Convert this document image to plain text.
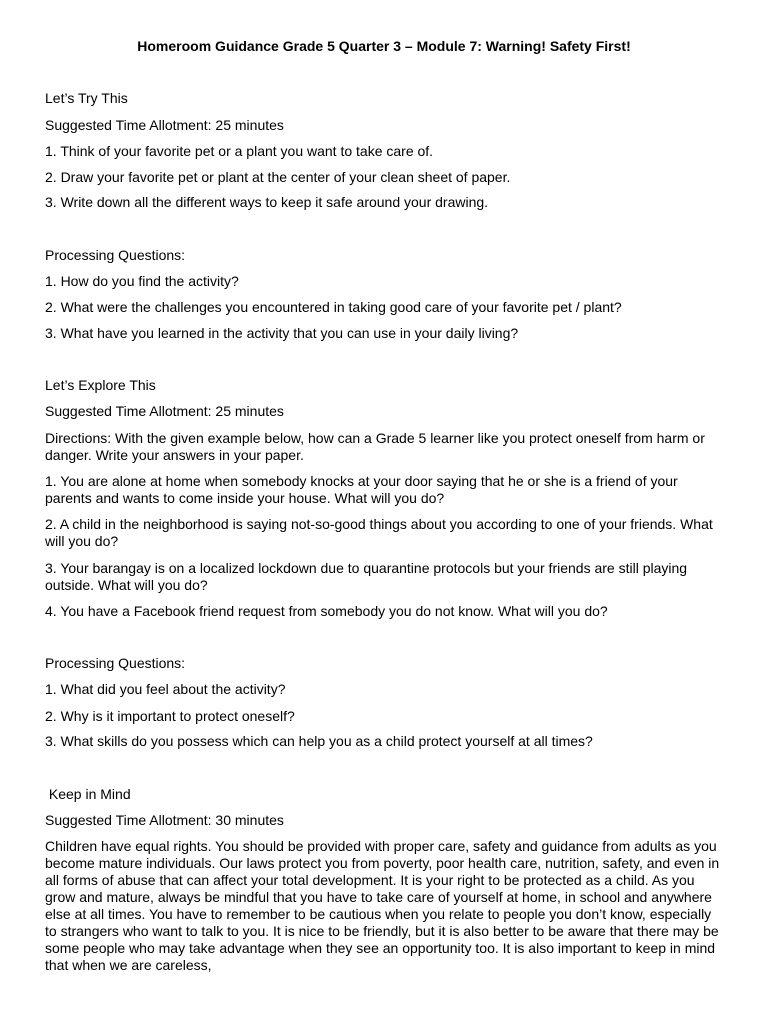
Homeroom Guidance Grade 5 Quarter 3 – Module 7: Warning! Safety First!

Let’s Try This

Suggested Time Allotment: 25 minutes

1. Think of your favorite pet or a plant you want to take care of.

2. Draw your favorite pet or plant at the center of your clean sheet of paper.

3. Write down all the different ways to keep it safe around your drawing.

Processing Questions:

1. How do you find the activity?

2. What were the challenges you encountered in taking good care of your favorite pet / plant?

3. What have you learned in the activity that you can use in your daily living?

Let’s Explore This

Suggested Time Allotment: 25 minutes

Directions: With the given example below, how can a Grade 5 learner like you protect oneself from harm or danger. Write your answers in your paper.

1. You are alone at home when somebody knocks at your door saying that he or she is a friend of your parents and wants to come inside your house. What will you do?

2. A child in the neighborhood is saying not-so-good things about you according to one of your friends. What will you do?

3. Your barangay is on a localized lockdown due to quarantine protocols but your friends are still playing outside. What will you do?

4. You have a Facebook friend request from somebody you do not know. What will you do?

Processing Questions:

1. What did you feel about the activity?

2. Why is it important to protect oneself?

3. What skills do you possess which can help you as a child protect yourself at all times?

Keep in Mind

Suggested Time Allotment: 30 minutes

Children have equal rights. You should be provided with proper care, safety and guidance from adults as you become mature individuals. Our laws protect you from poverty, poor health care, nutrition, safety, and even in all forms of abuse that can affect your total development. It is your right to be protected as a child. As you grow and mature, always be mindful that you have to take care of yourself at home, in school and anywhere else at all times. You have to remember to be cautious when you relate to people you don’t know, especially to strangers who want to talk to you. It is nice to be friendly, but it is also better to be aware that there may be some people who may take advantage when they see an opportunity too. It is also important to keep in mind that when we are careless,
